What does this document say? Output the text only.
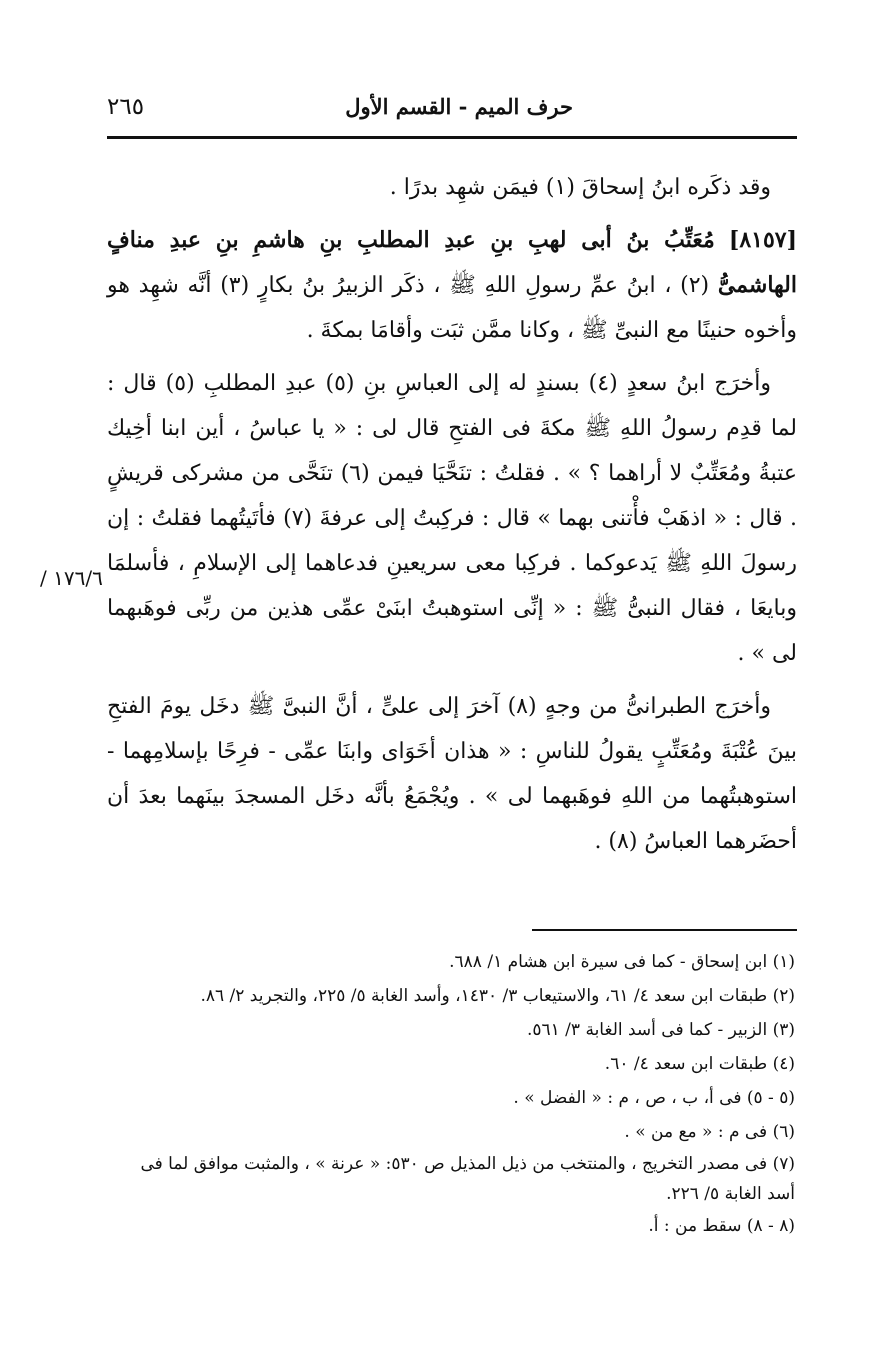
حرف الميم - القسم الأول
٢٦٥

وقد ذكَره ابنُ إسحاقَ (١) فيمَن شهِد بدرًا .

[٨١٥٧] مُعَتِّبُ بنُ أبى لهبِ بنِ عبدِ المطلبِ بنِ هاشمِ بنِ عبدِ منافٍ الهاشمىُّ (٢) ، ابنُ عمِّ رسولِ اللهِ ﷺ ، ذكَر الزبيرُ بنُ بكارٍ (٣) أنَّه شهِد هو وأخوه حنينًا مع النبىِّ ﷺ ، وكانا ممَّن ثبَت وأقامَا بمكةَ .

وأخرَج ابنُ سعدٍ (٤) بسندٍ له إلى العباسِ بنِ (٥) عبدِ المطلبِ (٥) قال : لما قدِم رسولُ اللهِ ﷺ مكةَ فى الفتحِ قال لى : « يا عباسُ ، أين ابنا أخِيك عتبةُ ومُعَتِّبٌ لا أراهما ؟ » . فقلتُ : تنَحَّيَا فيمن (٦) تنَحَّى من مشركى قريشٍ . قال : « اذهَبْ فأْتنى بهما » قال : فركِبتُ إلى عرفةَ (٧) فأتَيتُهما فقلتُ : إن رسولَ اللهِ ﷺ يَدعوكما . فركِبا معى سريعينِ فدعاهما إلى الإسلامِ ، فأسلمَا وبايعَا ، فقال النبىُّ ﷺ : « إنِّى استوهبتُ ابنَىْ عمِّى هذين من ربِّى فوهَبهما لى » .

وأخرَج الطبرانىُّ من وجهٍ (٨) آخرَ إلى علىٍّ ، أنَّ النبىَّ ﷺ دخَل يومَ الفتحِ بينَ عُتْبَةَ ومُعَتِّبٍ يقولُ للناسِ : « هذان أخَوَاى وابنَا عمِّى - فرِحًا بإسلامِهما - استوهبتُهما من اللهِ فوهَبهما لى » . ويُجْمَعُ بأنَّه دخَل المسجدَ بينَهما بعدَ أن أحضَرهما العباسُ (٨) .

١٧٦/٦ /

(١) ابن إسحاق - كما فى سيرة ابن هشام ١/ ٦٨٨.

(٢) طبقات ابن سعد ٤/ ٦١، والاستيعاب ٣/ ١٤٣٠، وأسد الغابة ٥/ ٢٢٥، والتجريد ٢/ ٨٦.

(٣) الزبير - كما فى أسد الغابة ٣/ ٥٦١.

(٤) طبقات ابن سعد ٤/ ٦٠.

(٥ - ٥) فى أ، ب ، ص ، م : « الفضل » .

(٦) فى م : « مع من » .

(٧) فى مصدر التخريج ، والمنتخب من ذيل المذيل ص ٥٣٠: « عرنة » ، والمثبت موافق لما فى أسد الغابة ٥/ ٢٢٦.

(٨ - ٨) سقط من : أ.
